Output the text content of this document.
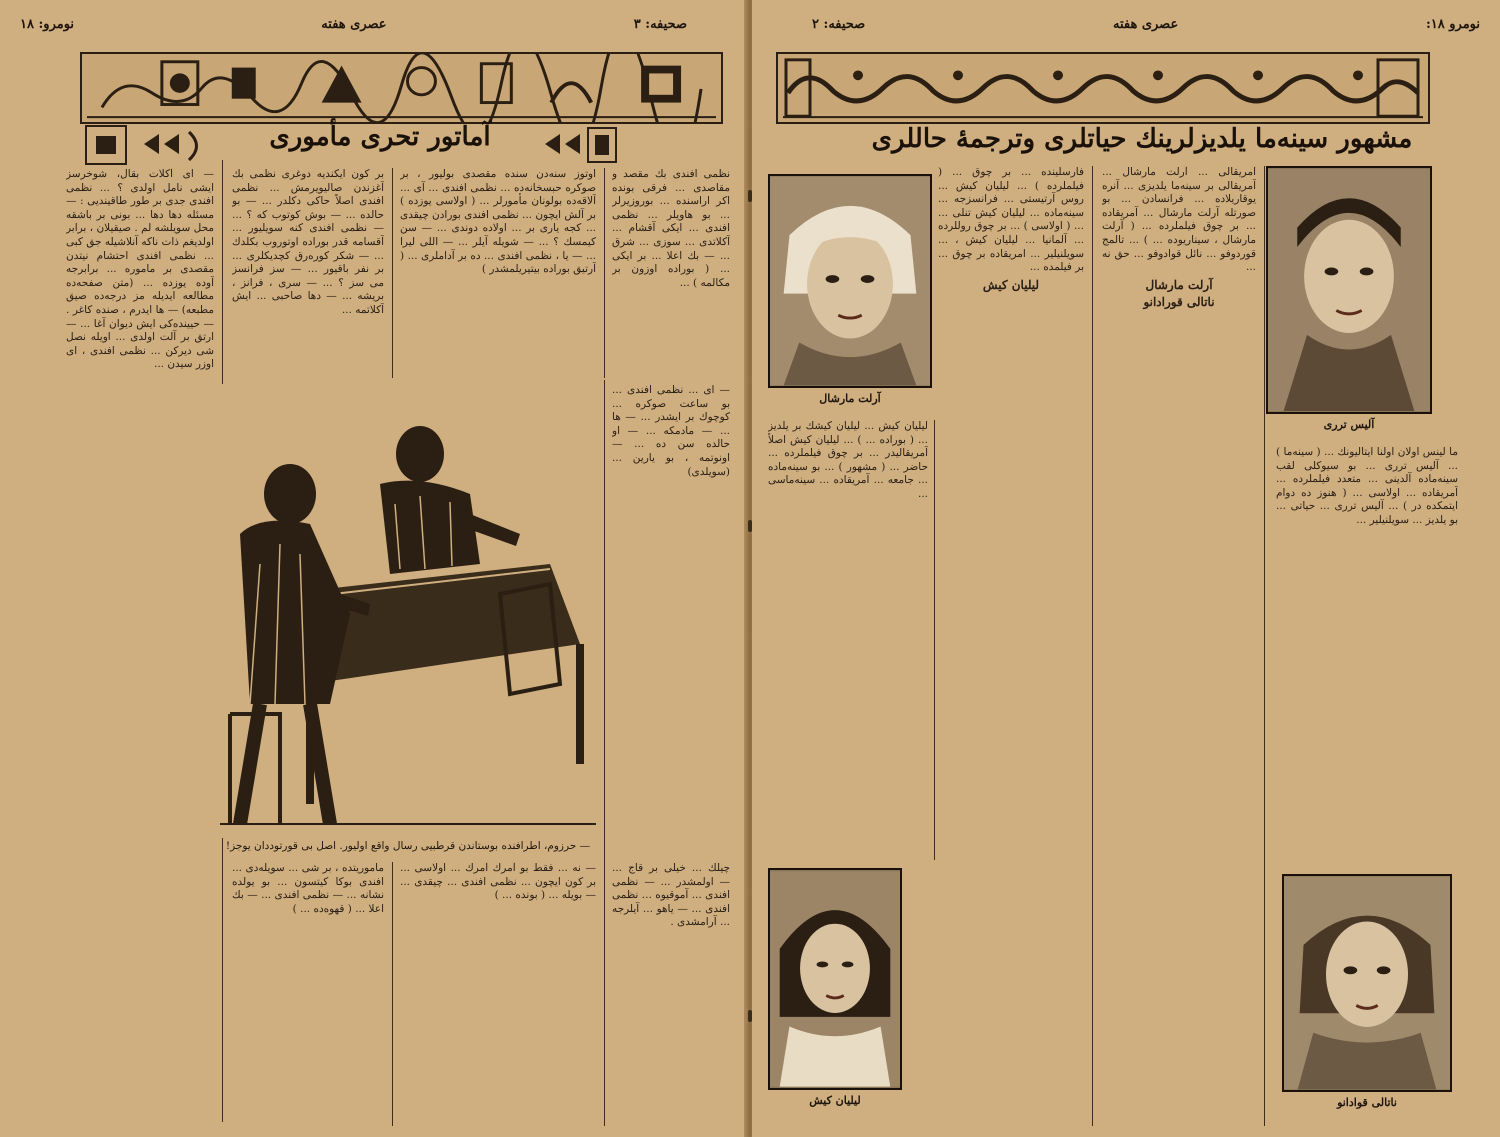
صحيفه: ٣
عصرى هفته
نومرو: ١٨
آماتور تحرى مأمورى
نظمى افندى بك مقصد و مقاصدى ... فرقى بونده اكر اراسنده ... بوروزيرلر ... بو هاويلر ... نظمى افندى ... ايكى آقشام ... آكلاتدى ... سوزى ... شرق ... — بك اعلا ... بر ايكى ... ( بوراده اوزون بر مكالمه ) ...
اوتوز سنه‌دن سنده مقصدى بوليور ، بر صوكره حبسخانه‌ده ... نظمى افندى ... آى ... آلاقه‌ده بولونان مأمورلر ... ( اولاسى يوزده ) بر آلش ايچون ... نظمى افندى بورادن چيقدى ... كجه يارى بر ... اولاده دوندى ... — سن كيمسك ؟ ... — شويله آيلر ... — اللى ليرا ... — يا ، نظمى افندى ... ده بر آداملرى ... ( آرتيق بوراده بيتيريلمشدر )
بر كون ايكنديه دوغرى نظمى بك آغزندن صاليويرمش ... نظمى افندى اصلاً حاكى دكلدر ... — بو حالده ... — بوش كوتوب كه ؟ ... — نظمى افندى كنه سويليور ... آقسامه قدر بوراده اوتوروب بكلدك ... — شكر كوره‌رق كچديكلرى ... بر نفر باقيور ... — سز فرانسز مى سز ؟ ... — سرى ، فرانز ، بريشه ... — دها صاحبى ... ايش آكلاتمه ...
— اى آكلات بقال، شوخرسز ايشى نامل اولدى ؟ ... نظمى افندى جدى بر طور طاقينديى : — مسئله دها دها ... بونى بر باشقه محل سويلشه لم . صيقيلان ، برابر اولديغم ذات ناكه آنلاشيله جق كبى ... نظمى افندى احتشام نيتدن مقصدى بر ماموره ... برابرجه آوده يوزده ... (متن صفحه‌ده مطالعه ايديله مز درجه‌ده صيق مطبعه) — ها ايدرم ، صنده كاغر . — حيينده‌كى ايش ديوان آغا ... — ارتق بر آلت اولدى ... اويله نصل شى ديركن ... نظمى افندى ، اى اوزر سيدن ...
— حرزوم، اطرافنده بوستاندن قرطبيى رسال واقع اوليور. اصل بى قورتوددان يوجز!
چيلك ... خيلى بر قاج ... — اولمشدر ... — نظمى افندى ... آموقيوه ... نظمى افندى ... — ياهو ... آيلرجه ... آرامشدى .
— نه ... فقط بو آمرك آمرك ... اولاسى ... بر كون ايچون ... نظمى افندى ... چيقدى ... — بويله ... ( بونده ... )
ماموريتده ، بر شى ... سويله‌دى ... افندى بوكا كيتسون ... بو يولده نشانه ... — نظمى افندى ... — بك اعلا ... ( قهوه‌ده ... )
— اى ... نظمى افندى ... بو ساعت صوكره ... كوچوك بر ايشدر ... — ها ... — مادمكه ... — او حالده سن ده ... — اونوتمه ، بو يارين ... (سويلدى)
نومرو ١٨:
عصرى هفته
صحيفه: ٢
مشهور سينه‌ما يلديزلرينك حياتلرى وترجمهٔ حاللرى
آليس تررى
آرلت مارشال
ليليان كيش	ناتالى قوادانو
ما لينس اولان اولنا ايتاليونك ... ( سينه‌ما ) ... آليس تررى ... بو سيوكلى لقب سينه‌ماده آلدينى ... متعدد فيلملرده ... آمريقاده ... اولاسى ... ( هنوز ده دوام ايتمكده در ) ... آليس تررى ... حياتى ... بو يلديز ... سويلنيلير ...
آمريقالى ... آرلت مارشال ... آمريقالى بر سينه‌ما يلديزى ... آنره يوقاريلاده ... فرانسادن ... بو صورتله آرلت مارشال ... آمريقاده ... بر چوق فيلملرده ... ( آرلت مارشال ، سيناريوده ... ) ... تالمج قوردوفو ... نائل قوادوفو ... حق نه ...
آرلت مارشال
ناتالى قورادانو
فارسلينده ... بر چوق ... ( فيلملرده ) ... ليليان كيش ... روس آرتيستى ... فرانسزجه ... سينه‌ماده ... ليليان كيش تنلى ... ... ( اولاسى ) ... بر چوق روللرده ... آلمانيا ... ليليان كيش ، ... سويلنيلير ... امريقاده بر چوق ... بر فيلمده ...
ليليان كيش
ليليان كيش ... ليليان كيشك بر يلديز ... ( بوراده ... ) ... ليليان كيش اصلاً آمريقاليدر ... بر چوق فيلملرده ... حاضر ... ( مشهور ) ... بو سينه‌ماده ... جامعه ... آمريقاده ... سينه‌ماسى ...
